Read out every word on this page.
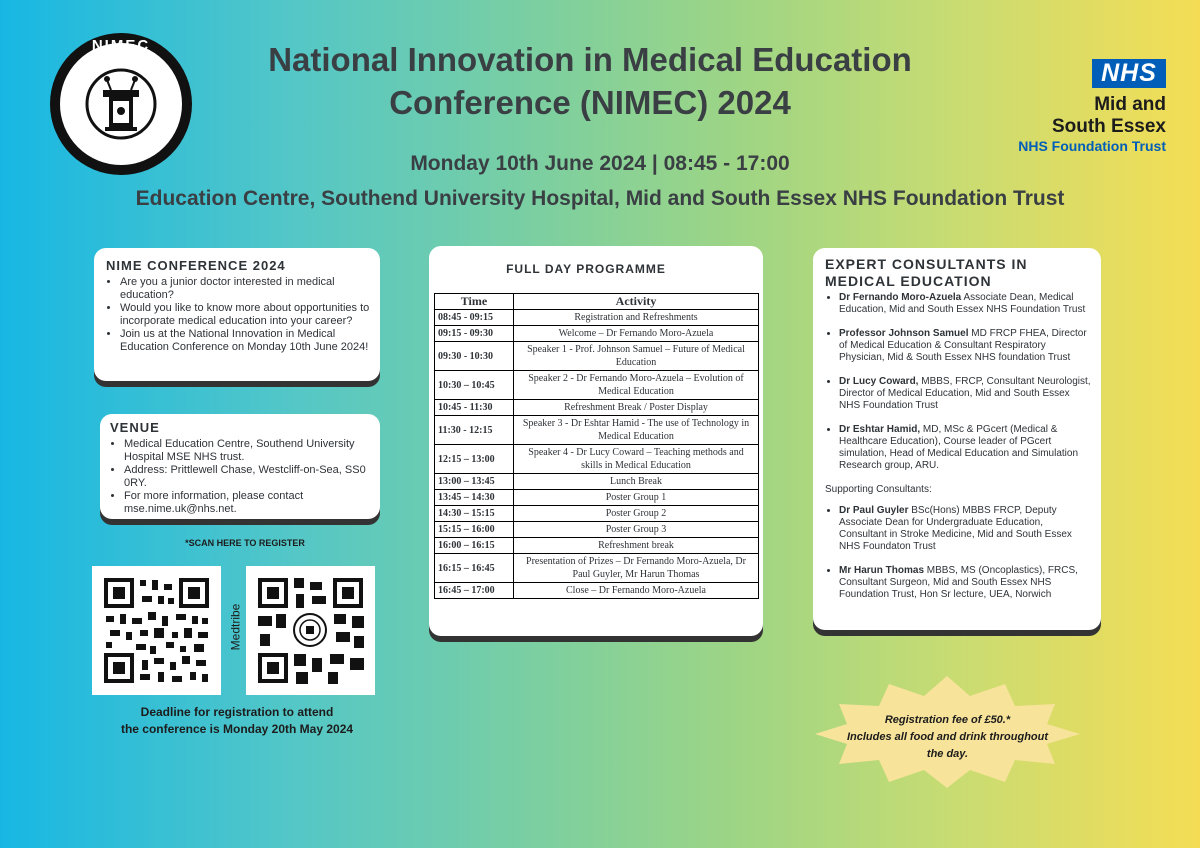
NIMEC	National Innovation in Medical Education
Conference (NIMEC) 2024
Monday 10th June 2024 | 08:45 - 17:00
Education Centre, Southend University Hospital, Mid and South Essex NHS Foundation Trust
NHS
Mid and
South Essex
NHS Foundation Trust
NIME CONFERENCE 2024
• Are you a junior doctor interested in medical education?
• Would you like to know more about opportunities to incorporate medical education into your career?
• Join us at the National Innovation in Medical Education Conference on Monday 10th June 2024!
VENUE
• Medical Education Centre, Southend University Hospital MSE NHS trust.
• Address: Prittlewell Chase, Westcliff-on-Sea, SS0 0RY.
• For more information, please contact mse.nime.uk@nhs.net.
*SCAN HERE TO REGISTER
Medtribe
Deadline for registration to attend
the conference is Monday 20th May 2024
FULL DAY PROGRAMME
Time	Activity
08:45 - 09:15	Registration and Refreshments
09:15 - 09:30	Welcome – Dr Fernando Moro-Azuela
09:30 - 10:30	Speaker 1 - Prof. Johnson Samuel – Future of Medical Education
10:30 – 10:45	Speaker 2 - Dr Fernando Moro-Azuela – Evolution of Medical Education
10:45 - 11:30	Refreshment Break / Poster Display
11:30 - 12:15	Speaker 3 - Dr Eshtar Hamid - The use of Technology in Medical Education
12:15 – 13:00	Speaker 4 - Dr Lucy Coward – Teaching methods and skills in Medical Education
13:00 – 13:45	Lunch Break
13:45 – 14:30	Poster Group 1
14:30 – 15:15	Poster Group 2
15:15 – 16:00	Poster Group 3
16:00 – 16:15	Refreshment break
16:15 – 16:45	Presentation of Prizes – Dr Fernando Moro-Azuela, Dr Paul Guyler, Mr Harun Thomas
16:45 – 17:00	Close – Dr Fernando Moro-Azuela
EXPERT CONSULTANTS IN
MEDICAL EDUCATION
• Dr Fernando Moro-Azuela Associate Dean, Medical Education, Mid and South Essex NHS Foundation Trust
• Professor Johnson Samuel MD FRCP FHEA, Director of Medical Education & Consultant Respiratory Physician, Mid & South Essex NHS foundation Trust
• Dr Lucy Coward, MBBS, FRCP, Consultant Neurologist, Director of Medical Education, Mid and South Essex NHS Foundation Trust
• Dr Eshtar Hamid, MD, MSc & PGcert (Medical & Healthcare Education), Course leader of PGcert simulation, Head of Medical Education and Simulation Research group, ARU.
Supporting Consultants:
• Dr Paul Guyler BSc(Hons) MBBS FRCP, Deputy Associate Dean for Undergraduate Education, Consultant in Stroke Medicine, Mid and South Essex NHS Foundaton Trust
• Mr Harun Thomas MBBS, MS (Oncoplastics), FRCS, Consultant Surgeon, Mid and South Essex NHS Foundation Trust, Hon Sr lecture, UEA, Norwich
Registration fee of £50.*
Includes all food and drink throughout
the day.
